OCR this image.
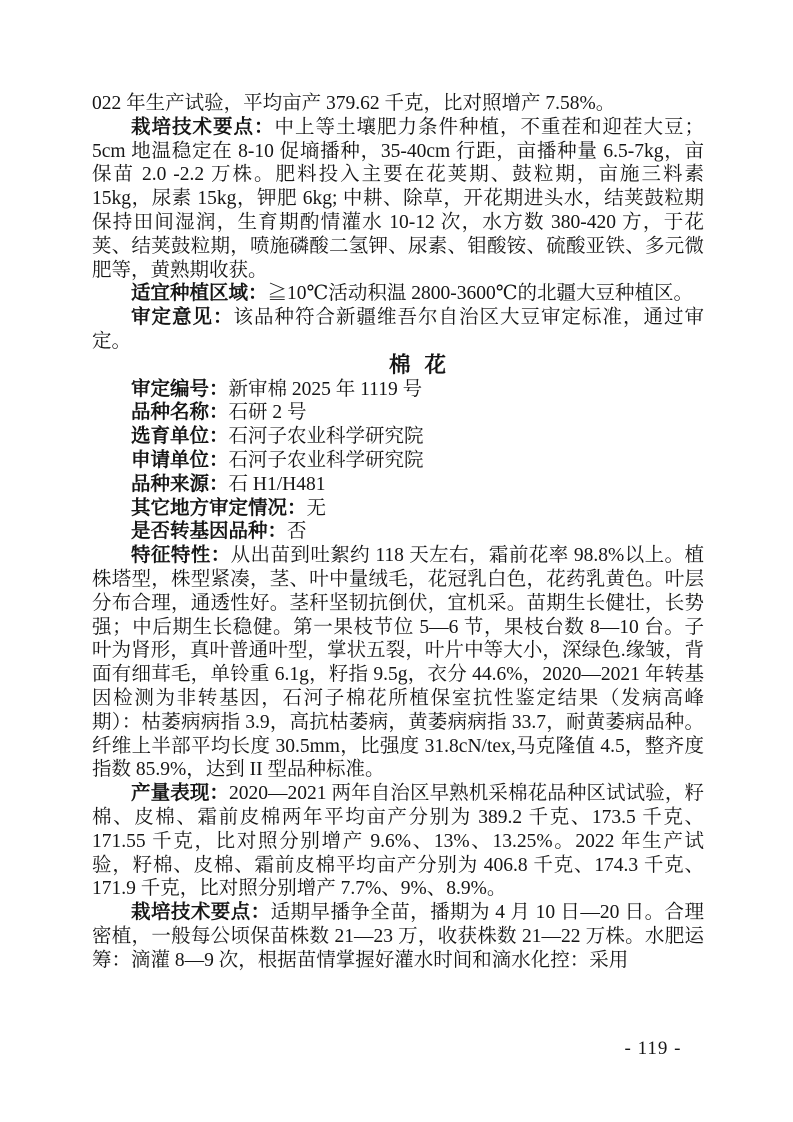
022 年生产试验，平均亩产 379.62 千克，比对照增产 7.58%。

栽培技术要点：中上等土壤肥力条件种植，不重茬和迎茬大豆；5cm 地温稳定在 8-10 促墒播种，35-40cm 行距，亩播种量 6.5-7kg，亩保苗 2.0 -2.2 万株。肥料投入主要在花荚期、鼓粒期，亩施三料素 15kg，尿素 15kg，钾肥 6kg; 中耕、除草，开花期进头水，结荚鼓粒期保持田间湿润，生育期酌情灌水 10-12 次，水方数 380-420 方，于花荚、结荚鼓粒期，喷施磷酸二氢钾、尿素、钼酸铵、硫酸亚铁、多元微肥等，黄熟期收获。

适宜种植区域：≧10℃活动积温 2800-3600℃的北疆大豆种植区。

审定意见：该品种符合新疆维吾尔自治区大豆审定标准，通过审定。

棉 花

审定编号：新审棉 2025 年 1119 号

品种名称：石研 2 号

选育单位：石河子农业科学研究院

申请单位：石河子农业科学研究院

品种来源：石 H1/H481

其它地方审定情况：无

是否转基因品种：否

特征特性：从出苗到吐絮约 118 天左右，霜前花率 98.8%以上。植株塔型，株型紧凑，茎、叶中量绒毛，花冠乳白色，花药乳黄色。叶层分布合理，通透性好。茎秆坚韧抗倒伏，宜机采。苗期生长健壮，长势强；中后期生长稳健。第一果枝节位 5—6 节，果枝台数 8—10 台。子叶为肾形，真叶普通叶型，掌状五裂，叶片中等大小，深绿色.缘皱，背面有细茸毛，单铃重 6.1g，籽指 9.5g，衣分 44.6%，2020—2021 年转基因检测为非转基因，石河子棉花所植保室抗性鉴定结果（发病高峰期）：枯萎病病指 3.9，高抗枯萎病，黄萎病病指 33.7，耐黄萎病品种。纤维上半部平均长度 30.5mm，比强度 31.8cN/tex,马克隆值 4.5，整齐度指数 85.9%，达到 II 型品种标准。

产量表现：2020—2021 两年自治区早熟机采棉花品种区试试验，籽棉、皮棉、霜前皮棉两年平均亩产分别为 389.2 千克、173.5 千克、171.55 千克，比对照分别增产 9.6%、13%、13.25%。2022 年生产试验，籽棉、皮棉、霜前皮棉平均亩产分别为 406.8 千克、174.3 千克、171.9 千克，比对照分别增产 7.7%、9%、8.9%。

栽培技术要点：适期早播争全苗，播期为 4 月 10 日—20 日。合理密植，一般每公顷保苗株数 21—23 万，收获株数 21—22 万株。水肥运筹：滴灌 8—9 次，根据苗情掌握好灌水时间和滴水化控：采用

- 119 -
